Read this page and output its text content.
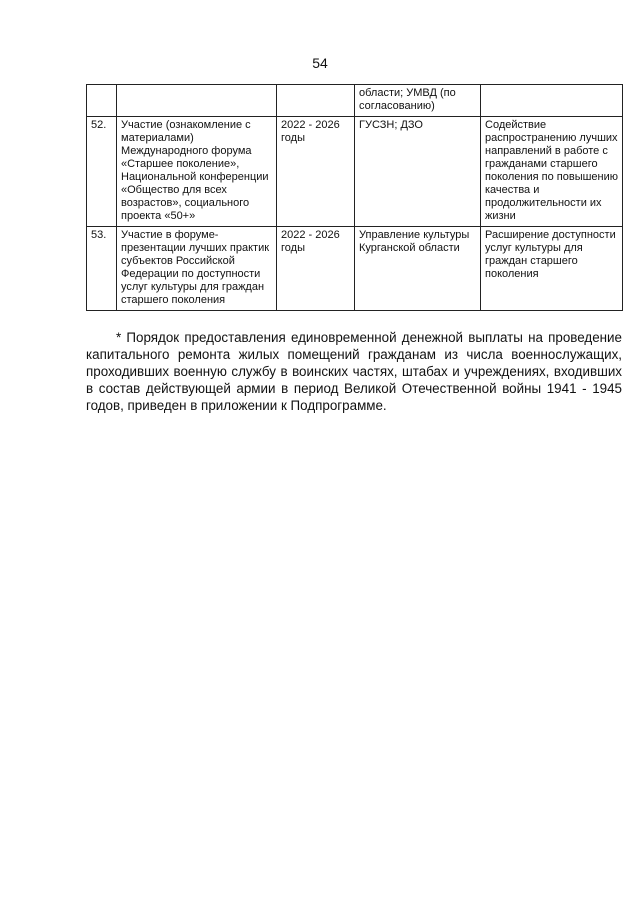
54
			области; УМВД (по согласованию)	
52.	Участие (ознакомление с материалами) Международного форума «Старшее поколение», Национальной конференции «Общество для всех возрастов», социального проекта «50+»	2022 - 2026 годы	ГУСЗН; ДЗО	Содействие распространению лучших направлений в работе с гражданами старшего поколения по повышению качества и продолжительности их жизни
53.	Участие в форуме-презентации лучших практик субъектов Российской Федерации по доступности услуг культуры для граждан старшего поколения	2022 - 2026 годы	Управление культуры Курганской области	Расширение доступности услуг культуры для граждан старшего поколения

* Порядок предоставления единовременной денежной выплаты на проведение капитального ремонта жилых помещений гражданам из числа военнослужащих, проходивших военную службу в воинских частях, штабах и учреждениях, входивших в состав действующей армии в период Великой Отечественной войны 1941 - 1945 годов, приведен в приложении к Подпрограмме.
